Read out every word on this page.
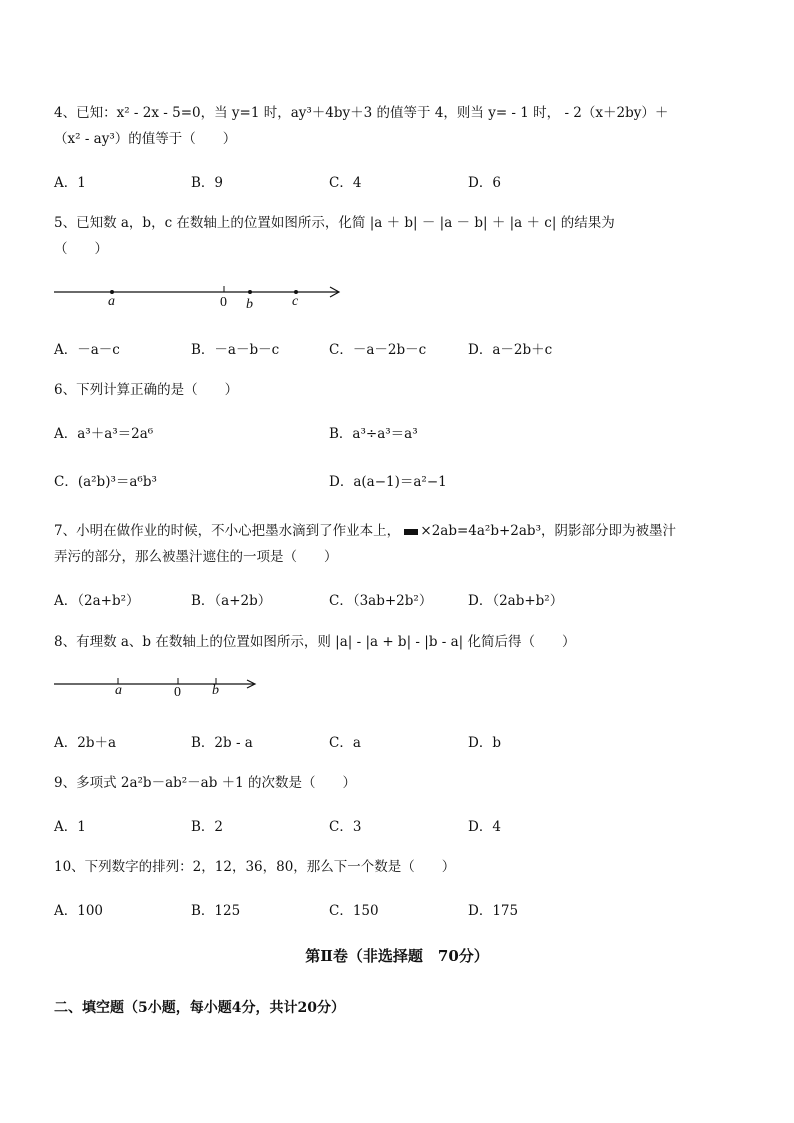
4、已知：x² - 2x - 5=0，当 y=1 时，ay³＋4by＋3 的值等于 4，则当 y= - 1 时， - 2（x＋2by）＋
（x² - ay³）的值等于（　　）
A．1	B．9	C．4	D．6
5、已知数 a，b，c 在数轴上的位置如图所示，化简 |a ＋ b| － |a － b| ＋ |a ＋ c| 的结果为
（　　）
a	0 b	c
A．－a－c	B．－a－b－c	C．－a－2b－c	D．a－2b＋c
6、下列计算正确的是（　　）
A．a³＋a³＝2a⁶	B．a³÷a³＝a³
C．(a²b)³＝a⁶b³	D．a(a−1)＝a²−1
7、小明在做作业的时候，不小心把墨水滴到了作业本上， ×2ab=4a²b+2ab³，阴影部分即为被墨汁
弄污的部分，那么被墨汁遮住的一项是（　　）
A．（2a+b²）	B．（a+2b）	C．（3ab+2b²）	D．（2ab+b²）
8、有理数 a、b 在数轴上的位置如图所示，则 |a| - |a + b| - |b - a| 化简后得（　　）
a	0 b
A．2b＋a	B．2b - a	C．a	D．b
9、多项式 2a²b－ab²－ab ＋1 的次数是（　　）
A．1	B．2	C．3	D．4
10、下列数字的排列：2，12，36，80，那么下一个数是（　　）
A．100	B．125	C．150	D．175
第Ⅱ卷（非选择题　70分）
二、填空题（5小题，每小题4分，共计20分）
